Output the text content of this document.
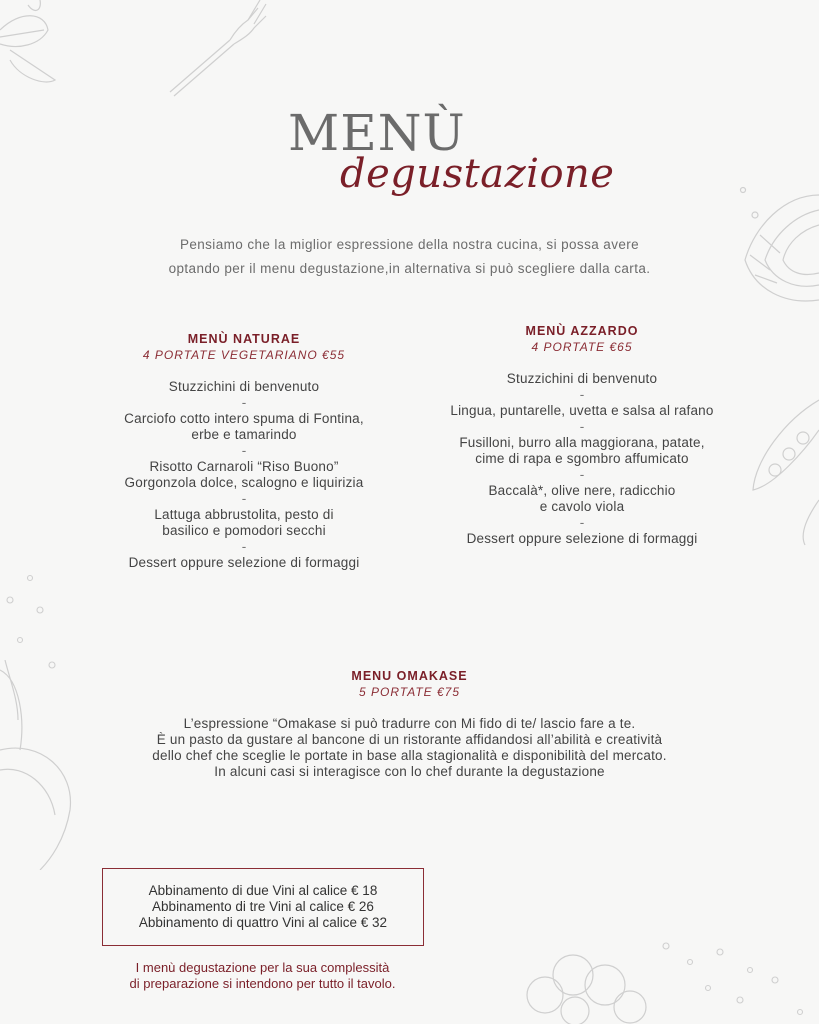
MENÙ
degustazione
Pensiamo che la miglior espressione della nostra cucina, si possa avere
optando per il menu degustazione,in alternativa si può scegliere dalla carta.
MENÙ NATURAE
4 PORTATE VEGETARIANO €55
Stuzzichini di benvenuto
-
Carciofo cotto intero spuma di Fontina,
erbe e tamarindo
-
Risotto Carnaroli “Riso Buono”
Gorgonzola dolce, scalogno e liquirizia
-
Lattuga abbrustolita, pesto di
basilico e pomodori secchi
-
Dessert oppure selezione di formaggi
MENÙ AZZARDO
4 PORTATE €65
Stuzzichini di benvenuto
-
Lingua, puntarelle, uvetta e salsa al rafano
-
Fusilloni, burro alla maggiorana, patate,
cime di rapa e sgombro affumicato
-
Baccalà*, olive nere, radicchio
e cavolo viola
-
Dessert oppure selezione di formaggi
MENU OMAKASE
5 PORTATE €75
L’espressione “Omakase si può tradurre con Mi fido di te/ lascio fare a te.
È un pasto da gustare al bancone di un ristorante affidandosi all’abilità e creatività
dello chef che sceglie le portate in base alla stagionalità e disponibilità del mercato.
In alcuni casi si interagisce con lo chef durante la degustazione
Abbinamento di due Vini al calice € 18
Abbinamento di tre Vini al calice € 26
Abbinamento di quattro Vini al calice € 32
I menù degustazione per la sua complessità
di preparazione si intendono per tutto il tavolo.
